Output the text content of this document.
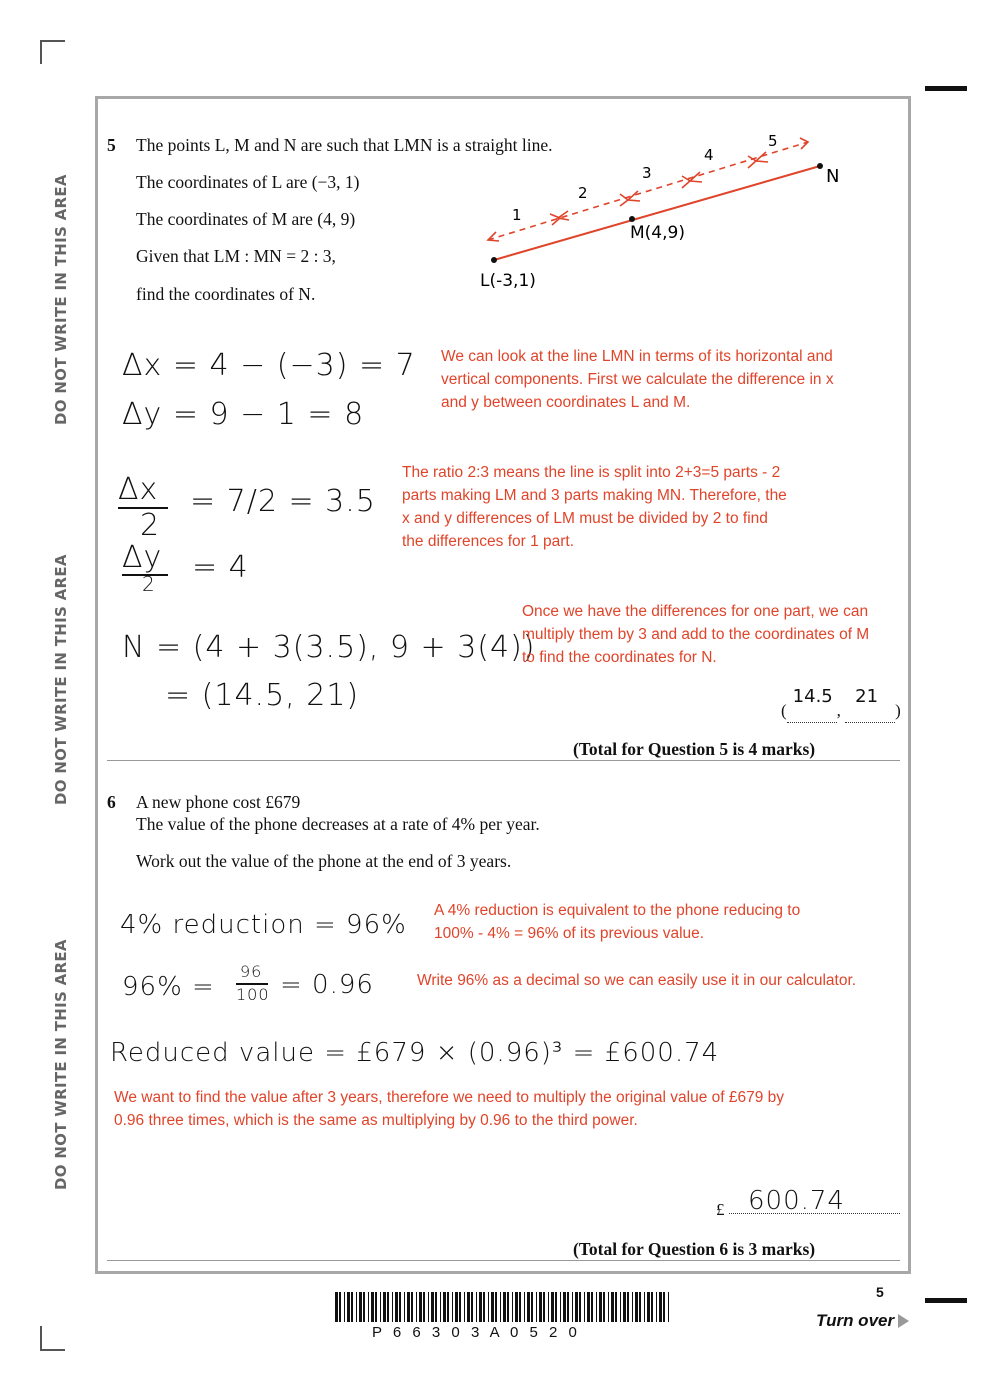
DO NOT WRITE IN THIS AREA
DO NOT WRITE IN THIS AREA
DO NOT WRITE IN THIS AREA
5 The points L, M and N are such that LMN is a straight line.
The coordinates of L are (−3, 1)
The coordinates of M are (4, 9)
Given that LM : MN = 2 : 3,
find the coordinates of N.
1
2
3
4
5
L(-3,1)
M(4,9)
N
Δx = 4 − (−3) = 7
Δy = 9 − 1 = 8
Δx
2
= 7/2 = 3.5
Δy
2 = 4
N = (4 + 3(3.5), 9 + 3(4))
= (14.5, 21)
We can look at the line LMN in terms of its horizontal and vertical components. First we calculate the difference in x and y between coordinates L and M.
The ratio 2:3 means the line is split into 2+3=5 parts - 2 parts making LM and 3 parts making MN. Therefore, the x and y differences of LM must be divided by 2 to find the differences for 1 part.
Once we have the differences for one part, we can multiply them by 3 and add to the coordinates of M to find the coordinates for N.
(
14.5
,
21
)
(Total for Question 5 is 4 marks)
6 A new phone cost £679
The value of the phone decreases at a rate of 4% per year.
Work out the value of the phone at the end of 3 years.
4% reduction = 96%
96% =
96
100 = 0.96
Reduced value = £679 × (0.96)³ = £600.74
A 4% reduction is equivalent to the phone reducing to 100% - 4% = 96% of its previous value.
Write 96% as a decimal so we can easily use it in our calculator.
We want to find the value after 3 years, therefore we need to multiply the original value of £679 by 0.96 three times, which is the same as multiplying by 0.96 to the third power.
£ 600.74
(Total for Question 6 is 3 marks)
5
P 6 6 3 0 3 A 0 5 2 0
Turn over
